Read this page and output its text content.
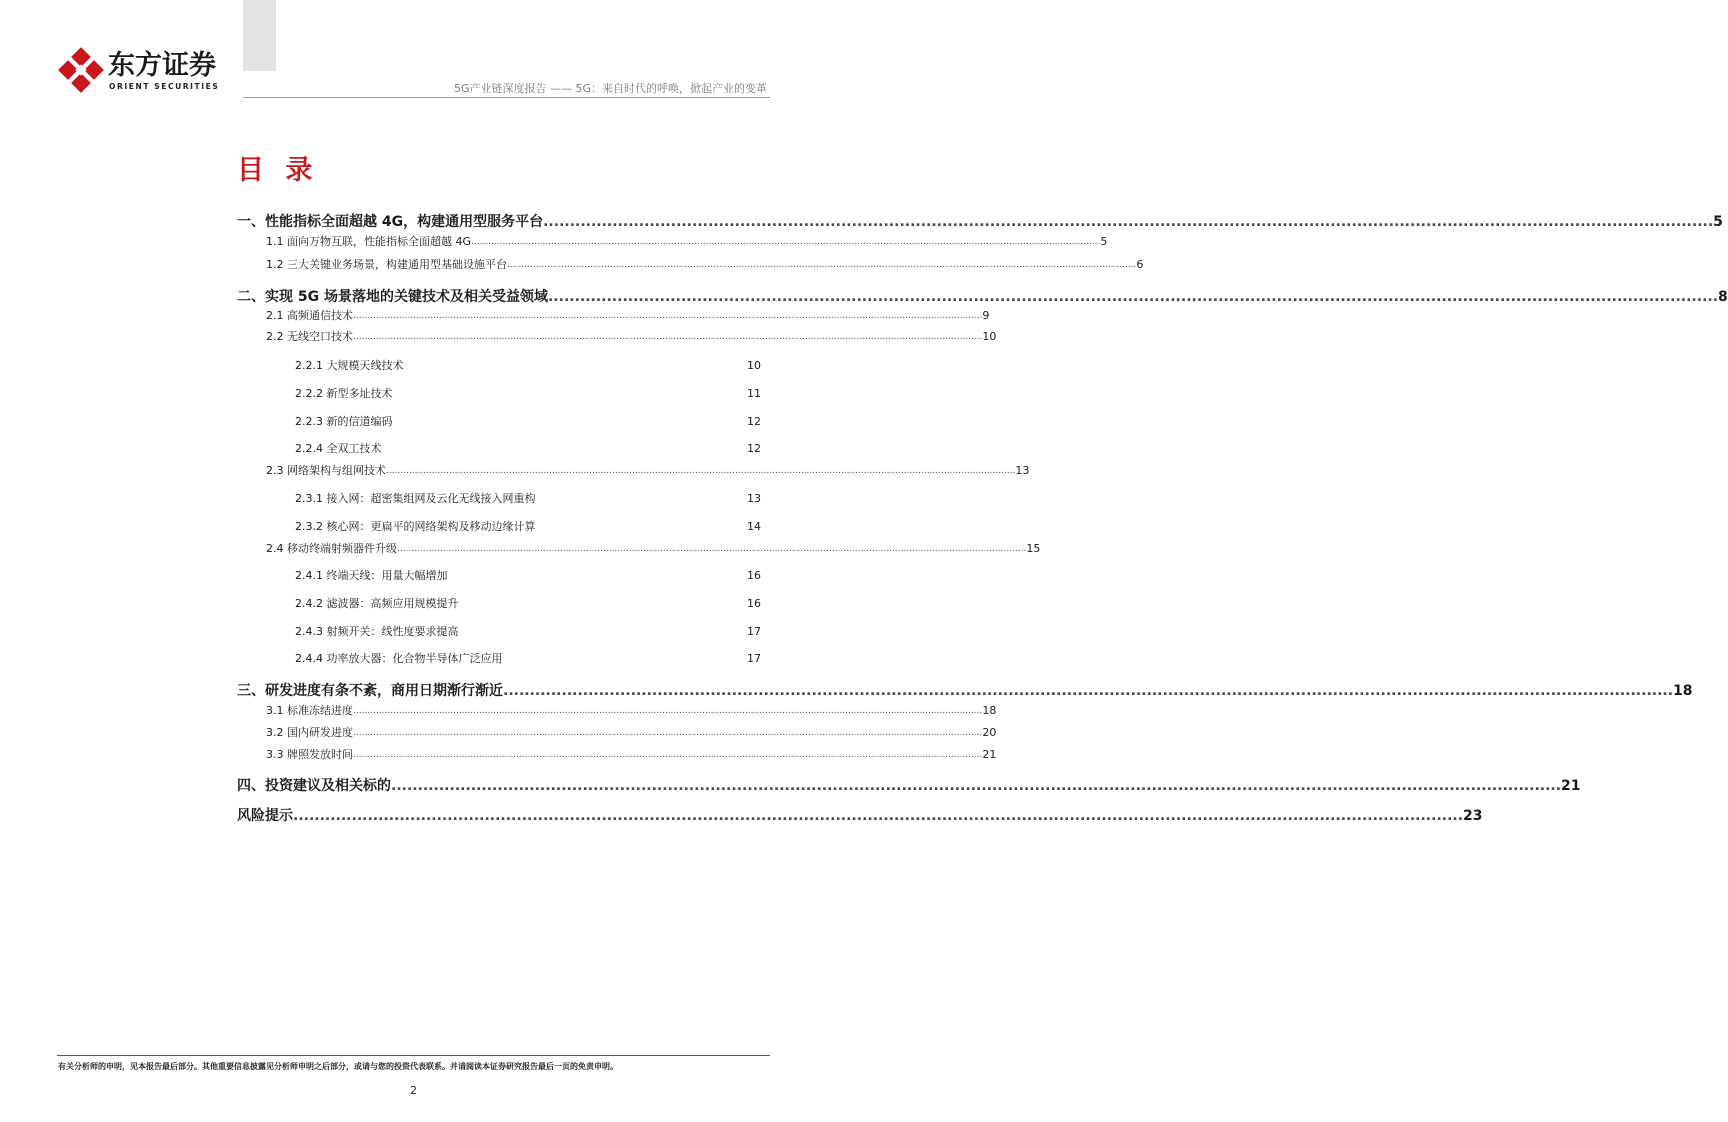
东方证券
ORIENT SECURITIES	5G产业链深度报告 —— 5G：来自时代的呼唤，掀起产业的变革
目 录
一、性能指标全面超越 4G，构建通用型服务平台 ............................................................................................................................................................................................................................ 5
1.1 面向万物互联，性能指标全面超越 4G ............................................................................................................................................................................................................................ 5
1.2 三大关键业务场景，构建通用型基础设施平台 ............................................................................................................................................................................................................................ 6
二、实现 5G 场景落地的关键技术及相关受益领域 ............................................................................................................................................................................................................................ 8
2.1 高频通信技术 ............................................................................................................................................................................................................................ 9
2.2 无线空口技术 ............................................................................................................................................................................................................................ 10
2.2.1 大规模天线技术	10
2.2.2 新型多址技术	11
2.2.3 新的信道编码	12
2.2.4 全双工技术	12
2.3 网络架构与组网技术 ............................................................................................................................................................................................................................ 13
2.3.1 接入网：超密集组网及云化无线接入网重构	13
2.3.2 核心网：更扁平的网络架构及移动边缘计算	14
2.4 移动终端射频器件升级 ............................................................................................................................................................................................................................ 15
2.4.1 终端天线：用量大幅增加	16
2.4.2 滤波器：高频应用规模提升	16
2.4.3 射频开关：线性度要求提高	17
2.4.4 功率放大器：化合物半导体广泛应用	17
三、研发进度有条不紊，商用日期渐行渐近 ............................................................................................................................................................................................................................ 18
3.1 标准冻结进度 ............................................................................................................................................................................................................................ 18
3.2 国内研发进度 ............................................................................................................................................................................................................................ 20
3.3 牌照发放时间 ............................................................................................................................................................................................................................ 21
四、投资建议及相关标的 ............................................................................................................................................................................................................................ 21
风险提示 ............................................................................................................................................................................................................................ 23
有关分析师的申明，见本报告最后部分。其他重要信息披露见分析师申明之后部分，或请与您的投资代表联系。并请阅读本证券研究报告最后一页的免责申明。
2
